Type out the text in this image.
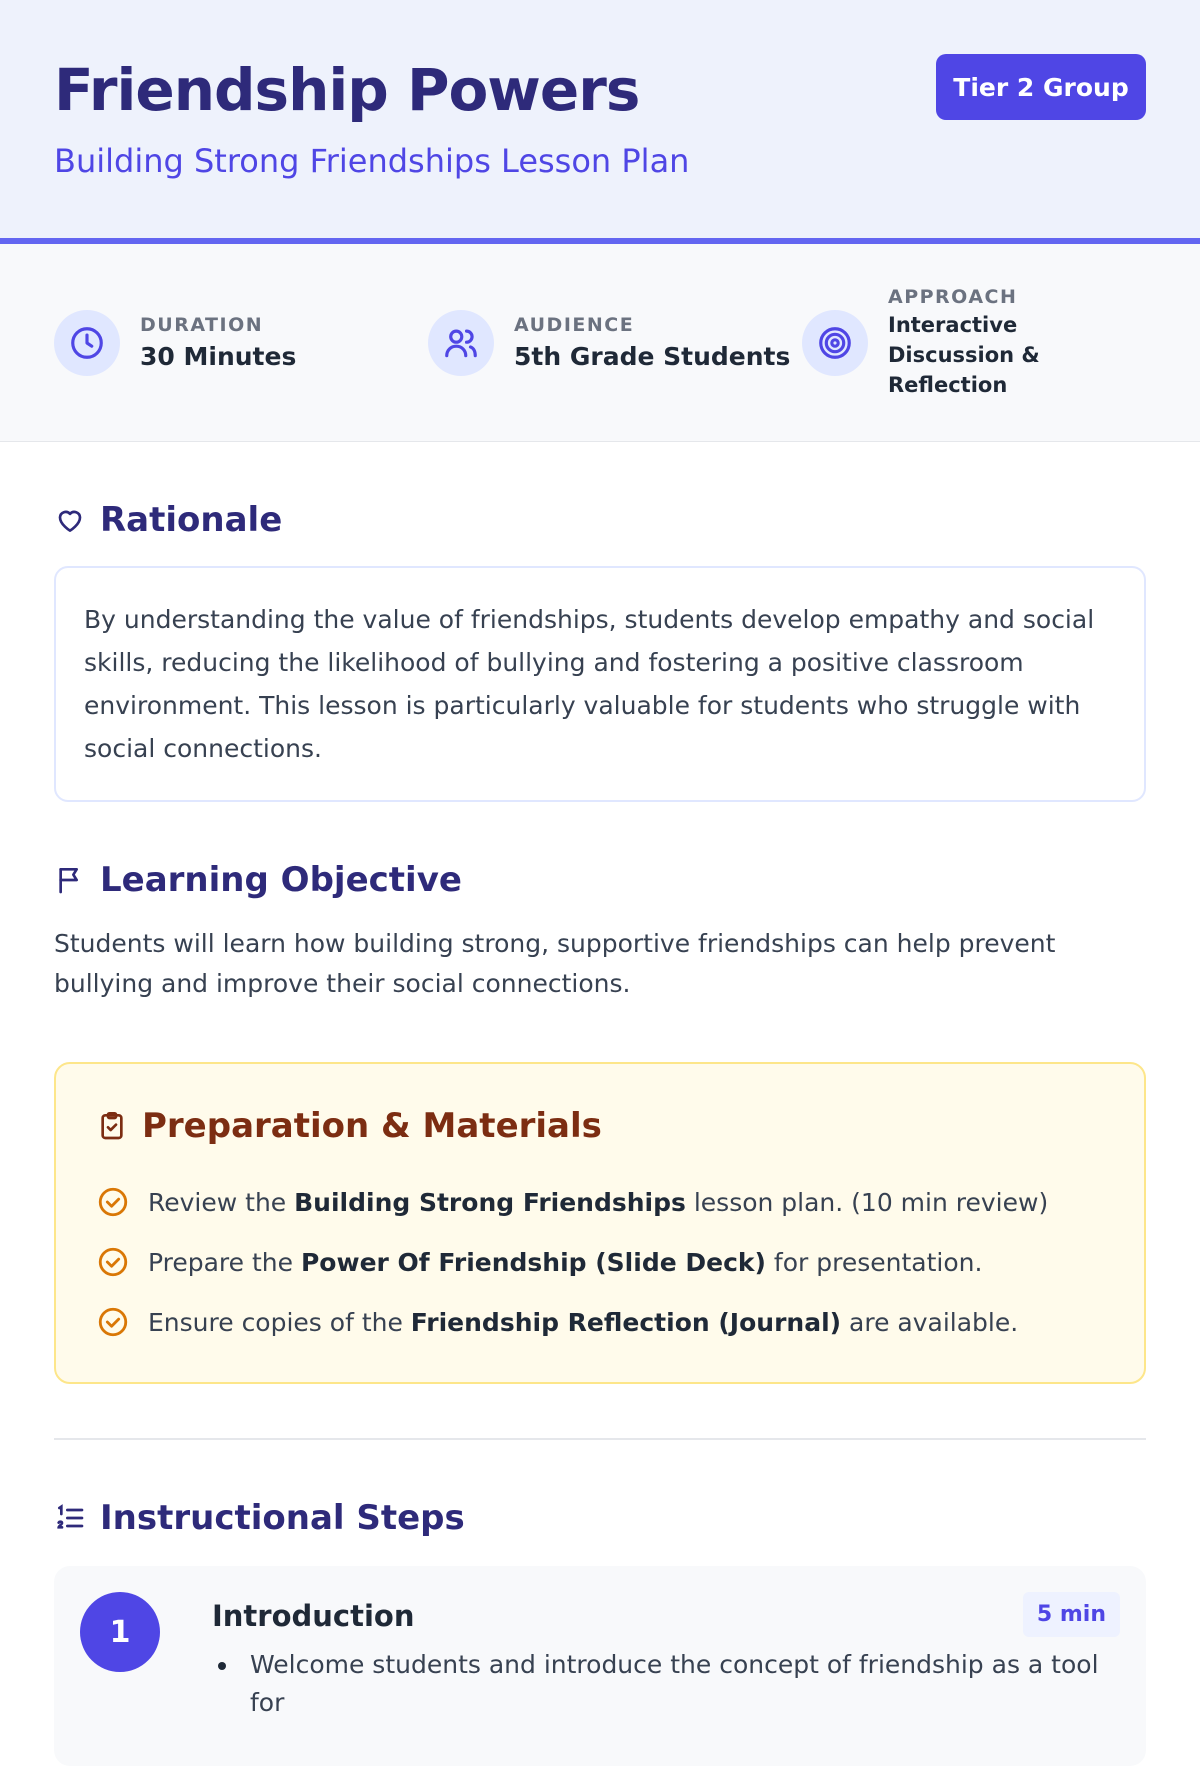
Friendship Powers
Building Strong Friendships Lesson Plan
Tier 2 Group
DURATION
30 Minutes
AUDIENCE
5th Grade Students
APPROACH
Interactive Discussion & Reflection
Rationale
By understanding the value of friendships, students develop empathy and social skills, reducing the likelihood of bullying and fostering a positive classroom environment. This lesson is particularly valuable for students who struggle with social connections.
Learning Objective

Students will learn how building strong, supportive friendships can help prevent bullying and improve their social connections.

Preparation & Materials
Review the Building Strong Friendships lesson plan. (10 min review)
Prepare the Power Of Friendship (Slide Deck) for presentation.
Ensure copies of the Friendship Reflection (Journal) are available.
Instructional Steps
1	5 min
Introduction
Welcome students and introduce the concept of friendship as a tool for
